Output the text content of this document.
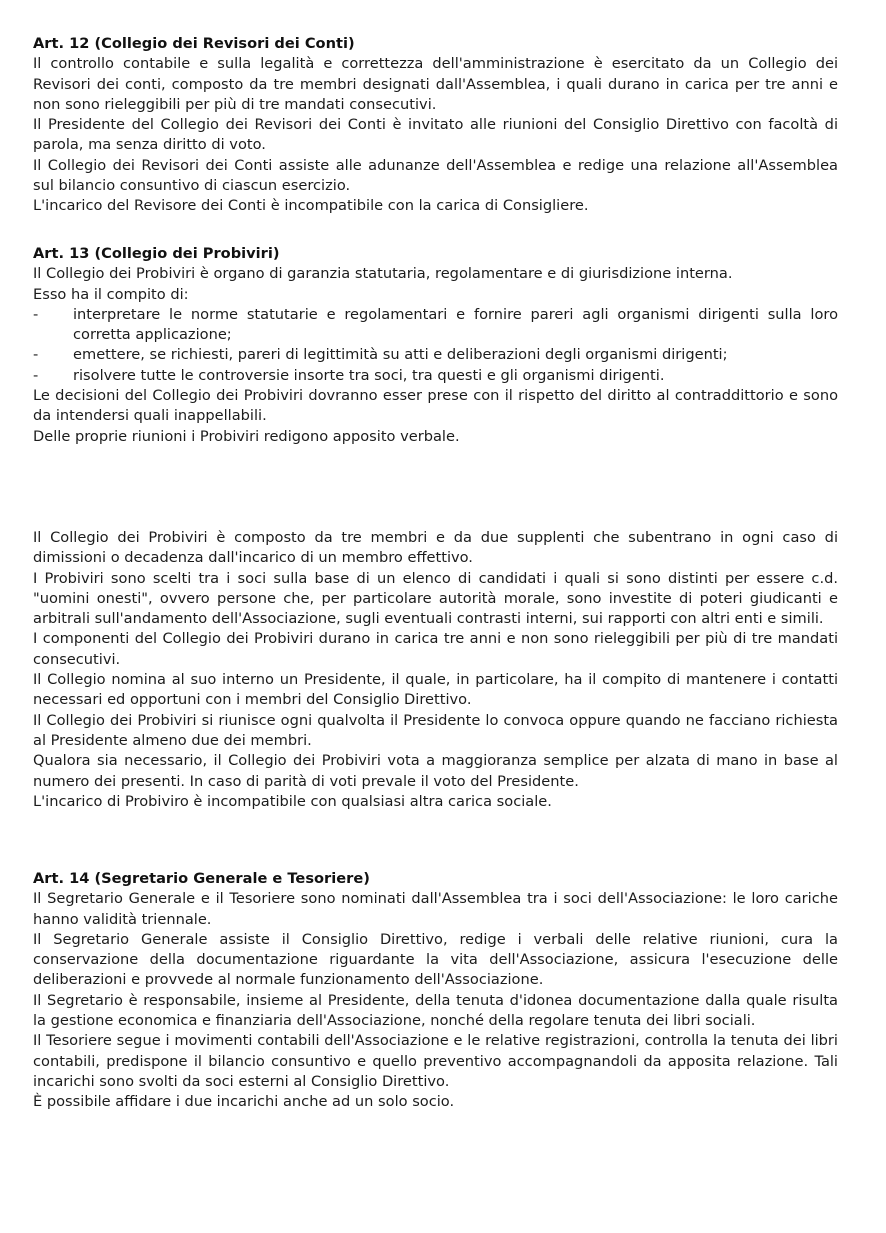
Art. 12 (Collegio dei Revisori dei Conti)

Il controllo contabile e sulla legalità e correttezza dell'amministrazione è esercitato da un Collegio dei Revisori dei conti, composto da tre membri designati dall'Assemblea, i quali durano in carica per tre anni e non sono rieleggibili per più di tre mandati consecutivi.

Il Presidente del Collegio dei Revisori dei Conti è invitato alle riunioni del Consiglio Direttivo con facoltà di parola, ma senza diritto di voto.

Il Collegio dei Revisori dei Conti assiste alle adunanze dell'Assemblea e redige una relazione all'Assemblea sul bilancio consuntivo di ciascun esercizio.

L'incarico del Revisore dei Conti è incompatibile con la carica di Consigliere.

Art. 13 (Collegio dei Probiviri)

Il Collegio dei Probiviri è organo di garanzia statutaria, regolamentare e di giurisdizione interna.

Esso ha il compito di:

- interpretare le norme statutarie e regolamentari e fornire pareri agli organismi dirigenti sulla loro corretta applicazione;
- emettere, se richiesti, pareri di legittimità su atti e deliberazioni degli organismi dirigenti;
- risolvere tutte le controversie insorte tra soci, tra questi e gli organismi dirigenti.

Le decisioni del Collegio dei Probiviri dovranno esser prese con il rispetto del diritto al contraddittorio e sono da intendersi quali inappellabili.

Delle proprie riunioni i Probiviri redigono apposito verbale.

Il Collegio dei Probiviri è composto da tre membri e da due supplenti che subentrano in ogni caso di dimissioni o decadenza dall'incarico di un membro effettivo.

I Probiviri sono scelti tra i soci sulla base di un elenco di candidati i quali si sono distinti per essere c.d. "uomini onesti", ovvero persone che, per particolare autorità morale, sono investite di poteri giudicanti e arbitrali sull'andamento dell'Associazione, sugli eventuali contrasti interni, sui rapporti con altri enti e simili.

I componenti del Collegio dei Probiviri durano in carica tre anni e non sono rieleggibili per più di tre mandati consecutivi.

Il Collegio nomina al suo interno un Presidente, il quale, in particolare, ha il compito di mantenere i contatti necessari ed opportuni con i membri del Consiglio Direttivo.

Il Collegio dei Probiviri si riunisce ogni qualvolta il Presidente lo convoca oppure quando ne facciano richiesta al Presidente almeno due dei membri.

Qualora sia necessario, il Collegio dei Probiviri vota a maggioranza semplice per alzata di mano in base al numero dei presenti. In caso di parità di voti prevale il voto del Presidente.

L'incarico di Probiviro è incompatibile con qualsiasi altra carica sociale.

Art. 14 (Segretario Generale e Tesoriere)

Il Segretario Generale e il Tesoriere sono nominati dall'Assemblea tra i soci dell'Associazione: le loro cariche hanno validità triennale.

Il Segretario Generale assiste il Consiglio Direttivo, redige i verbali delle relative riunioni, cura la conservazione della documentazione riguardante la vita dell'Associazione, assicura l'esecuzione delle deliberazioni e provvede al normale funzionamento dell'Associazione.

Il Segretario è responsabile, insieme al Presidente, della tenuta d'idonea documentazione dalla quale risulta la gestione economica e finanziaria dell'Associazione, nonché della regolare tenuta dei libri sociali.

Il Tesoriere segue i movimenti contabili dell'Associazione e le relative registrazioni, controlla la tenuta dei libri contabili, predispone il bilancio consuntivo e quello preventivo accompagnandoli da apposita relazione. Tali incarichi sono svolti da soci esterni al Consiglio Direttivo.

È possibile affidare i due incarichi anche ad un solo socio.
